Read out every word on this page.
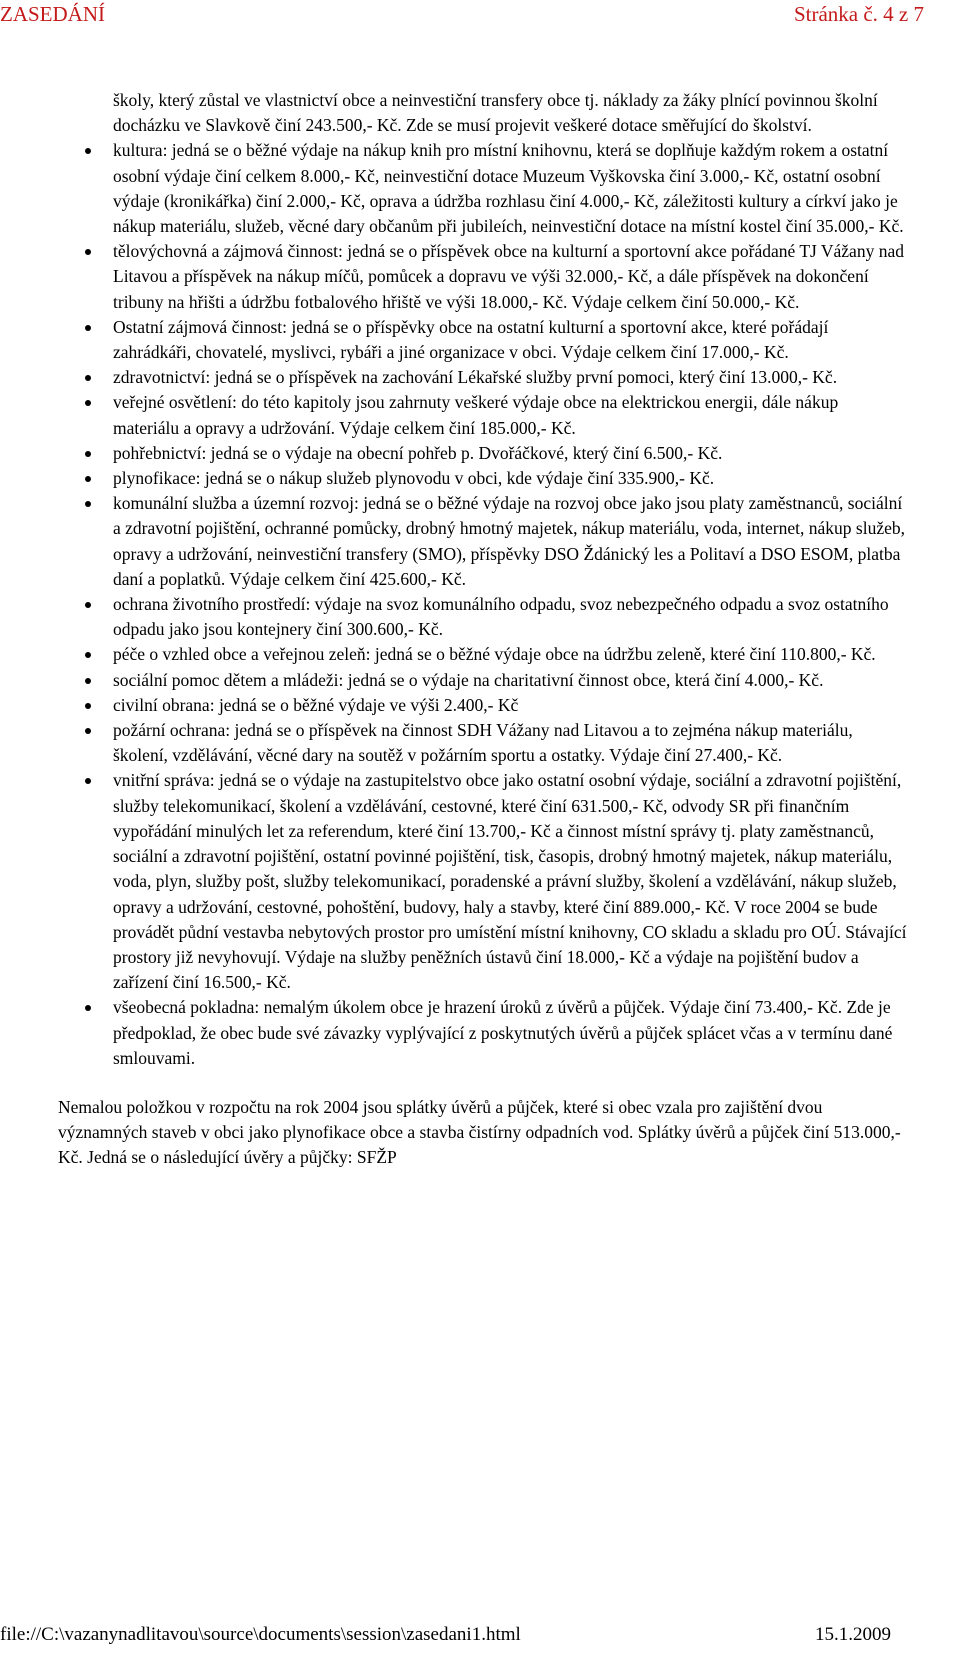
ZASEDÁNÍ	Stránka č. 4 z 7
školy, který zůstal ve vlastnictví obce a neinvestiční transfery obce tj. náklady za žáky plnící povinnou školní docházku ve Slavkově činí 243.500,- Kč. Zde se musí projevit veškeré dotace směřující do školství.
kultura: jedná se o běžné výdaje na nákup knih pro místní knihovnu, která se doplňuje každým rokem a ostatní osobní výdaje činí celkem 8.000,- Kč, neinvestiční dotace Muzeum Vyškovska činí 3.000,- Kč, ostatní osobní výdaje (kronikářka) činí 2.000,- Kč, oprava a údržba rozhlasu činí 4.000,- Kč, záležitosti kultury a církví jako je nákup materiálu, služeb, věcné dary občanům při jubileích, neinvestiční dotace na místní kostel činí 35.000,- Kč.
tělovýchovná a zájmová činnost: jedná se o příspěvek obce na kulturní a sportovní akce pořádané TJ Vážany nad Litavou a příspěvek na nákup míčů, pomůcek a dopravu ve výši 32.000,- Kč, a dále příspěvek na dokončení tribuny na hřišti a údržbu fotbalového hřiště ve výši 18.000,- Kč. Výdaje celkem činí 50.000,- Kč.
Ostatní zájmová činnost: jedná se o příspěvky obce na ostatní kulturní a sportovní akce, které pořádají zahrádkáři, chovatelé, myslivci, rybáři a jiné organizace v obci. Výdaje celkem činí 17.000,- Kč.
zdravotnictví: jedná se o příspěvek na zachování Lékařské služby první pomoci, který činí 13.000,- Kč.
veřejné osvětlení: do této kapitoly jsou zahrnuty veškeré výdaje obce na elektrickou energii, dále nákup materiálu a opravy a udržování. Výdaje celkem činí 185.000,- Kč.
pohřebnictví: jedná se o výdaje na obecní pohřeb p. Dvořáčkové, který činí 6.500,- Kč.
plynofikace: jedná se o nákup služeb plynovodu v obci, kde výdaje činí 335.900,- Kč.
komunální služba a územní rozvoj: jedná se o běžné výdaje na rozvoj obce jako jsou platy zaměstnanců, sociální a zdravotní pojištění, ochranné pomůcky, drobný hmotný majetek, nákup materiálu, voda, internet, nákup služeb, opravy a udržování, neinvestiční transfery (SMO), příspěvky DSO Ždánický les a Politaví a DSO ESOM, platba daní a poplatků. Výdaje celkem činí 425.600,- Kč.
ochrana životního prostředí: výdaje na svoz komunálního odpadu, svoz nebezpečného odpadu a svoz ostatního odpadu jako jsou kontejnery činí 300.600,- Kč.
péče o vzhled obce a veřejnou zeleň: jedná se o běžné výdaje obce na údržbu zeleně, které činí 110.800,- Kč.
sociální pomoc dětem a mládeži: jedná se o výdaje na charitativní činnost obce, která činí 4.000,- Kč.
civilní obrana: jedná se o běžné výdaje ve výši 2.400,- Kč
požární ochrana: jedná se o příspěvek na činnost SDH Vážany nad Litavou a to zejména nákup materiálu, školení, vzdělávání, věcné dary na soutěž v požárním sportu a ostatky. Výdaje činí 27.400,- Kč.
vnitřní správa: jedná se o výdaje na zastupitelstvo obce jako ostatní osobní výdaje, sociální a zdravotní pojištění, služby telekomunikací, školení a vzdělávání, cestovné, které činí 631.500,- Kč, odvody SR při finančním vypořádání minulých let za referendum, které činí 13.700,- Kč a činnost místní správy tj. platy zaměstnanců, sociální a zdravotní pojištění, ostatní povinné pojištění, tisk, časopis, drobný hmotný majetek, nákup materiálu, voda, plyn, služby pošt, služby telekomunikací, poradenské a právní služby, školení a vzdělávání, nákup služeb, opravy a udržování, cestovné, pohoštění, budovy, haly a stavby, které činí 889.000,- Kč. V roce 2004 se bude provádět půdní vestavba nebytových prostor pro umístění místní knihovny, CO skladu a skladu pro OÚ. Stávající prostory již nevyhovují. Výdaje na služby peněžních ústavů činí 18.000,- Kč a výdaje na pojištění budov a zařízení činí 16.500,- Kč.
všeobecná pokladna: nemalým úkolem obce je hrazení úroků z úvěrů a půjček. Výdaje činí 73.400,- Kč. Zde je předpoklad, že obec bude své závazky vyplývající z poskytnutých úvěrů a půjček splácet včas a v termínu dané smlouvami.

Nemalou položkou v rozpočtu na rok 2004 jsou splátky úvěrů a půjček, které si obec vzala pro zajištění dvou významných staveb v obci jako plynofikace obce a stavba čistírny odpadních vod. Splátky úvěrů a půjček činí 513.000,- Kč. Jedná se o následující úvěry a půjčky: SFŽP

file://C:\vazanynadlitavou\source\documents\session\zasedani1.html	15.1.2009
